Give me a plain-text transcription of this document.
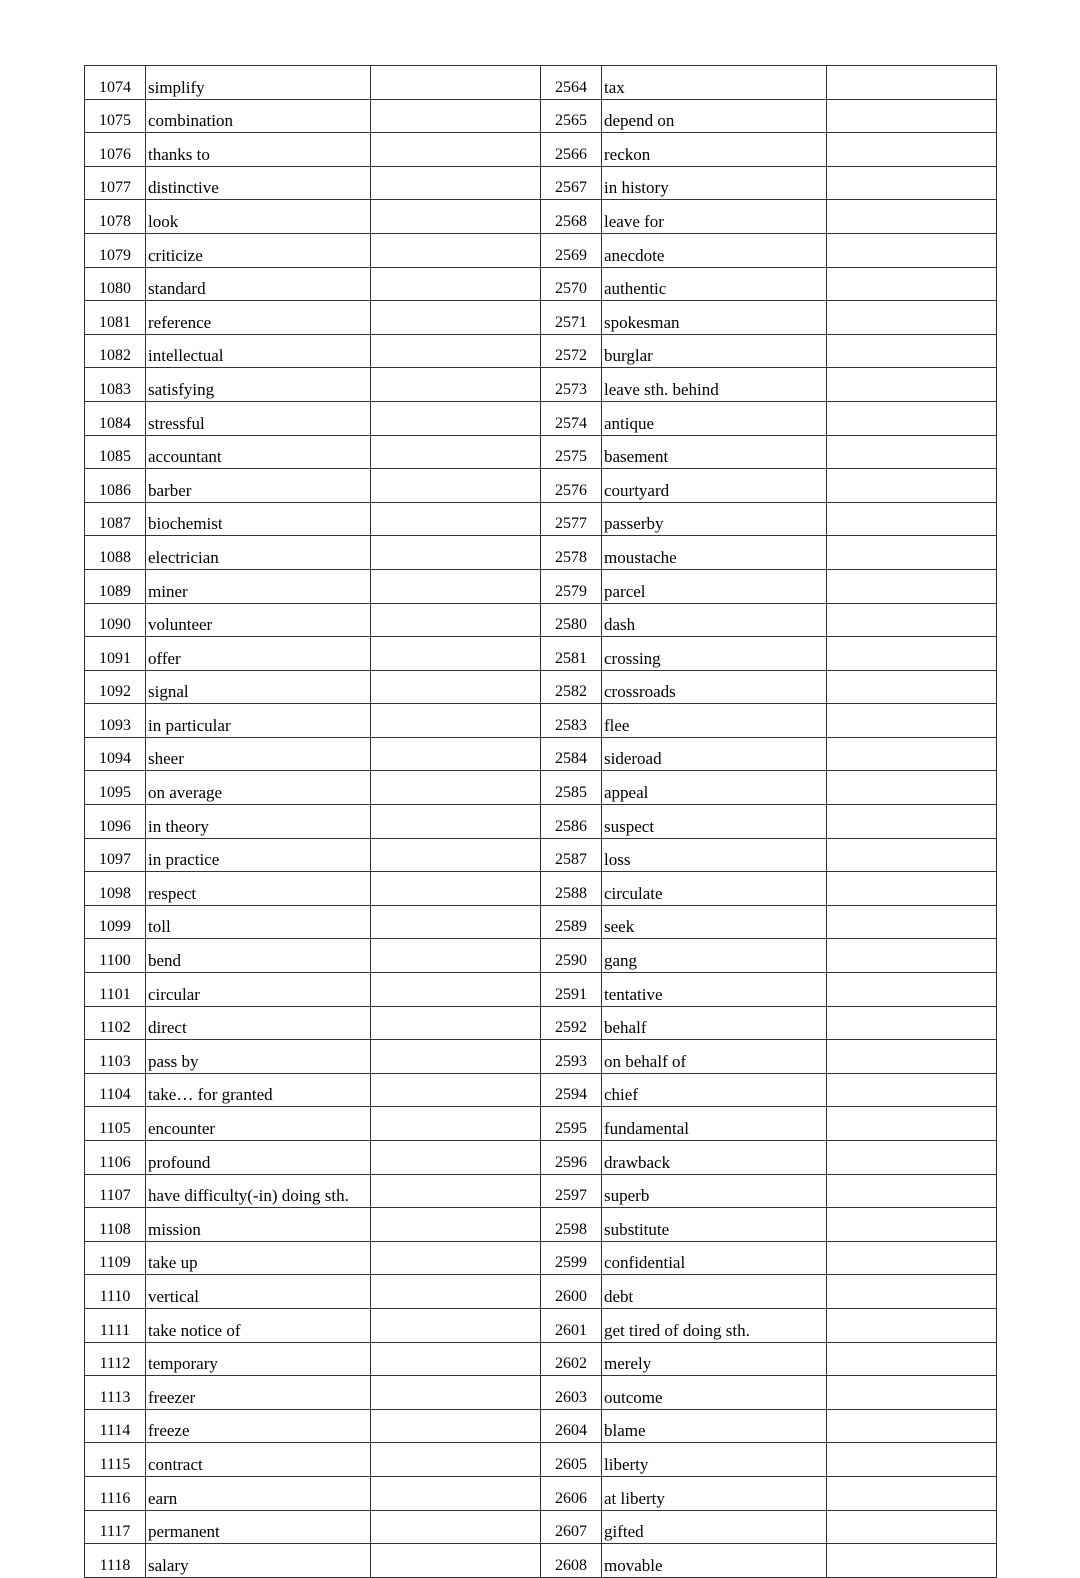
1074	simplify		2564	tax	
1075	combination		2565	depend on	
1076	thanks to		2566	reckon	
1077	distinctive		2567	in history	
1078	look		2568	leave for	
1079	criticize		2569	anecdote	
1080	standard		2570	authentic	
1081	reference		2571	spokesman	
1082	intellectual		2572	burglar	
1083	satisfying		2573	leave sth. behind	
1084	stressful		2574	antique	
1085	accountant		2575	basement	
1086	barber		2576	courtyard	
1087	biochemist		2577	passerby	
1088	electrician		2578	moustache	
1089	miner		2579	parcel	
1090	volunteer		2580	dash	
1091	offer		2581	crossing	
1092	signal		2582	crossroads	
1093	in particular		2583	flee	
1094	sheer		2584	sideroad	
1095	on average		2585	appeal	
1096	in theory		2586	suspect	
1097	in practice		2587	loss	
1098	respect		2588	circulate	
1099	toll		2589	seek	
1100	bend		2590	gang	
1101	circular		2591	tentative	
1102	direct		2592	behalf	
1103	pass by		2593	on behalf of	
1104	take… for granted		2594	chief	
1105	encounter		2595	fundamental	
1106	profound		2596	drawback	
1107	have difficulty(-in) doing sth.		2597	superb	
1108	mission		2598	substitute	
1109	take up		2599	confidential	
1110	vertical		2600	debt	
1111	take notice of		2601	get tired of doing sth.	
1112	temporary		2602	merely	
1113	freezer		2603	outcome	
1114	freeze		2604	blame	
1115	contract		2605	liberty	
1116	earn		2606	at liberty	
1117	permanent		2607	gifted	
1118	salary		2608	movable	
